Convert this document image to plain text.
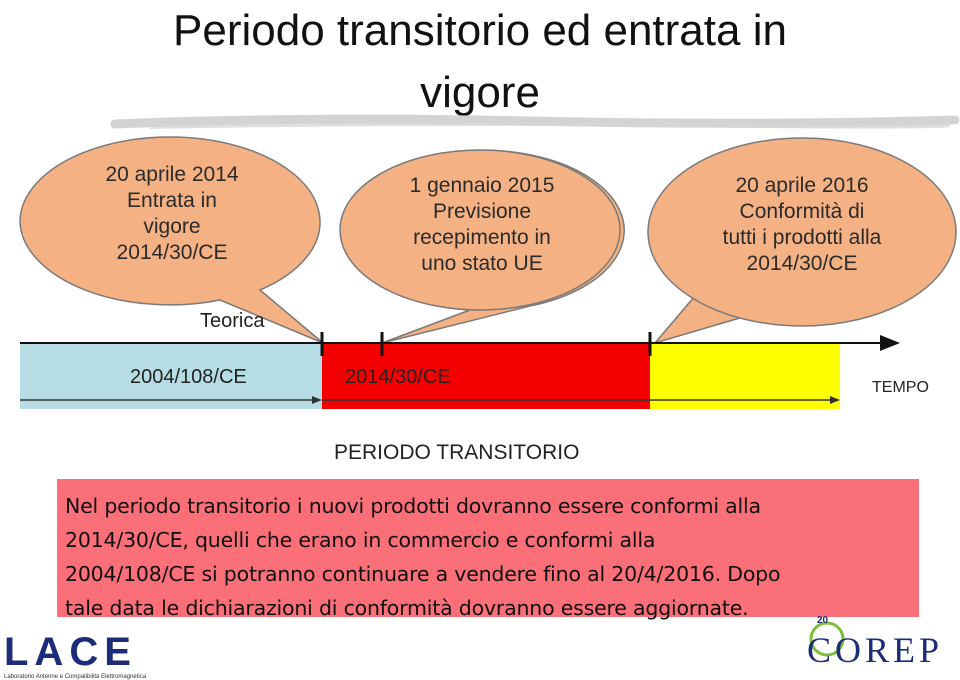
Periodo transitorio ed entrata in
vigore
20 aprile 2014
Entrata in
vigore
2014/30/CE
1 gennaio 2015
Previsione
recepimento in
uno stato UE
20 aprile 2016
Conformità di
tutti i prodotti alla
2014/30/CE
Teorica
2004/108/CE	2014/30/CE	TEMPO
PERIODO TRANSITORIO
Nel periodo transitorio i nuovi prodotti dovranno essere conformi alla
2014/30/CE, quelli che erano in commercio e conformi alla
2004/108/CE si potranno continuare a vendere fino al 20/4/2016. Dopo
tale data le dichiarazioni di conformità dovranno essere aggiornate.
LACE
Laboratorio Antenne e Compatibilità Elettromagnetica
20
COREP
